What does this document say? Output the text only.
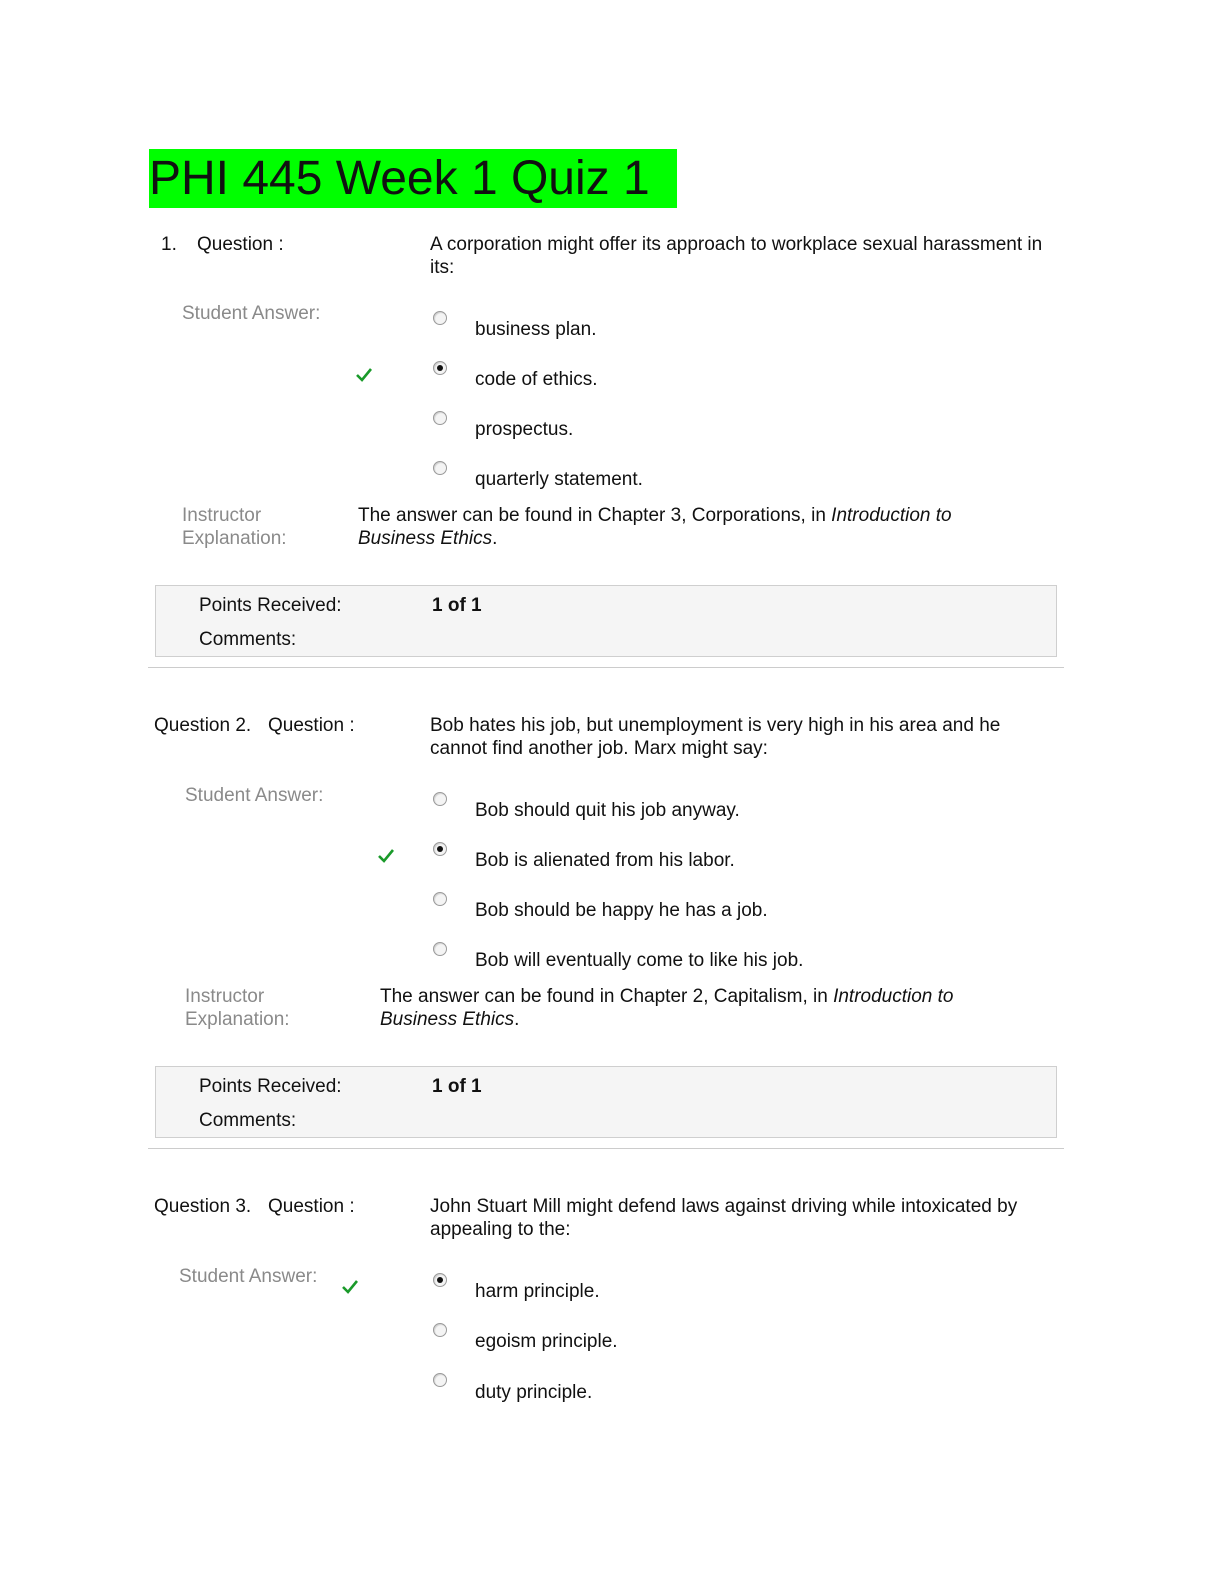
PHI 445 Week 1 Quiz 1
1. Question :	A corporation might offer its approach to workplace sexual harassment in its:
Student Answer:
business plan.
code of ethics.
prospectus.
quarterly statement.
Instructor
Explanation:
The answer can be found in Chapter 3, Corporations, in Introduction to Business Ethics.
Points Received:	1 of 1
Comments:
Question 2. Question :	Bob hates his job, but unemployment is very high in his area and he cannot find another job. Marx might say:
Student Answer:
Bob should quit his job anyway.
Bob is alienated from his labor.
Bob should be happy he has a job.
Bob will eventually come to like his job.
Instructor
Explanation:
The answer can be found in Chapter 2, Capitalism, in Introduction to Business Ethics.
Points Received:	1 of 1
Comments:
Question 3. Question :	John Stuart Mill might defend laws against driving while intoxicated by appealing to the:
Student Answer:
harm principle.
egoism principle.
duty principle.
